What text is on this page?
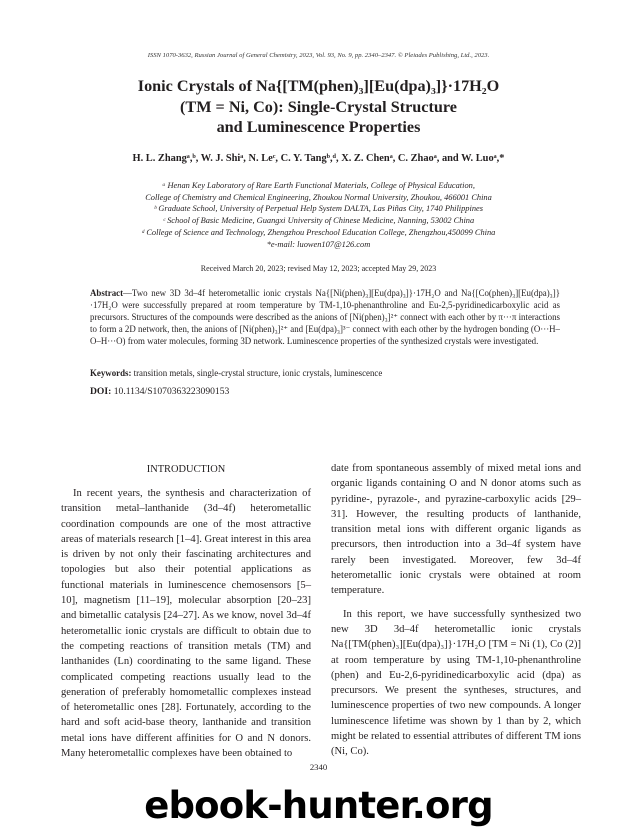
ISSN 1070-3632, Russian Journal of General Chemistry, 2023, Vol. 93, No. 9, pp. 2340–2347. © Pleiades Publishing, Ltd., 2023.
Ionic Crystals of Na{[TM(phen)₃][Eu(dpa)₃]}·17H₂O
(TM = Ni, Co): Single-Crystal Structure
and Luminescence Properties
H. L. Zhangᵃ,ᵇ, W. J. Shiᵃ, N. Leᶜ, C. Y. Tangᵇ,ᵈ, X. Z. Chenᵃ, C. Zhaoᵃ, and W. Luoᵃ,*
ᵃ Henan Key Laboratory of Rare Earth Functional Materials, College of Physical Education,
College of Chemistry and Chemical Engineering, Zhoukou Normal University, Zhoukou, 466001 China
ᵇ Graduate School, University of Perpetual Help System DALTA, Las Piñas City, 1740 Philippines
ᶜ School of Basic Medicine, Guangxi University of Chinese Medicine, Nanning, 53002 China
ᵈ College of Science and Technology, Zhengzhou Preschool Education College, Zhengzhou,450099 China
*e-mail: luowen107@126.com
Received March 20, 2023; revised May 12, 2023; accepted May 29, 2023
Abstract—Two new 3D 3d–4f heterometallic ionic crystals Na{[Ni(phen)₃][Eu(dpa)₃]}·17H₂O and Na{[Co(phen)₃][Eu(dpa)₃]}·17H₂O were successfully prepared at room temperature by TM-1,10-phenanthroline and Eu-2,5-pyridinedicarboxylic acid as precursors. Structures of the compounds were described as the anions of [Ni(phen)₃]²⁺ connect with each other by π···π interactions to form a 2D network, then, the anions of [Ni(phen)₃]²⁺ and [Eu(dpa)₃]³⁻ connect with each other by the hydrogen bonding (O···H–O–H···O) from water molecules, forming 3D network. Luminescence properties of the synthesized crystals were investigated.
Keywords: transition metals, single-crystal structure, ionic crystals, luminescence
DOI: 10.1134/S1070363223090153
INTRODUCTION
In recent years, the synthesis and characterization of transition metal–lanthanide (3d–4f) heterometallic coordination compounds are one of the most attractive areas of materials research [1–4]. Great interest in this area is driven by not only their fascinating architectures and topologies but also their potential applications as functional materials in luminescence chemosensors [5–10], magnetism [11–19], molecular absorption [20–23] and bimetallic catalysis [24–27]. As we know, novel 3d–4f heterometallic ionic crystals are difficult to obtain due to the competing reactions of transition metals (TM) and lanthanides (Ln) coordinating to the same ligand. These complicated competing reactions usually lead to the generation of preferably homometallic complexes instead of heterometallic ones [28]. Fortunately, according to the hard and soft acid-base theory, lanthanide and transition metal ions have different affinities for O and N donors. Many heterometallic complexes have been obtained to
date from spontaneous assembly of mixed metal ions and organic ligands containing O and N donor atoms such as pyridine-, pyrazole-, and pyrazine-carboxylic acids [29–31]. However, the resulting products of lanthanide, transition metal ions with different organic ligands as precursors, then introduction into a 3d–4f system have rarely been investigated. Moreover, few 3d–4f heterometallic ionic crystals were obtained at room temperature.
In this report, we have successfully synthesized two new 3D 3d–4f heterometallic ionic crystals Na{[TM(phen)₃][Eu(dpa)₃]}·17H₂O [TM = Ni (1), Co (2)] at room temperature by using TM-1,10-phenanthroline (phen) and Eu-2,6-pyridinedicarboxylic acid (dpa) as precursors. We present the syntheses, structures, and luminescence properties of two new compounds. A longer luminescence lifetime was shown by 1 than by 2, which might be related to essential attributes of different TM ions (Ni, Co).
2340
ebook-hunter.org
